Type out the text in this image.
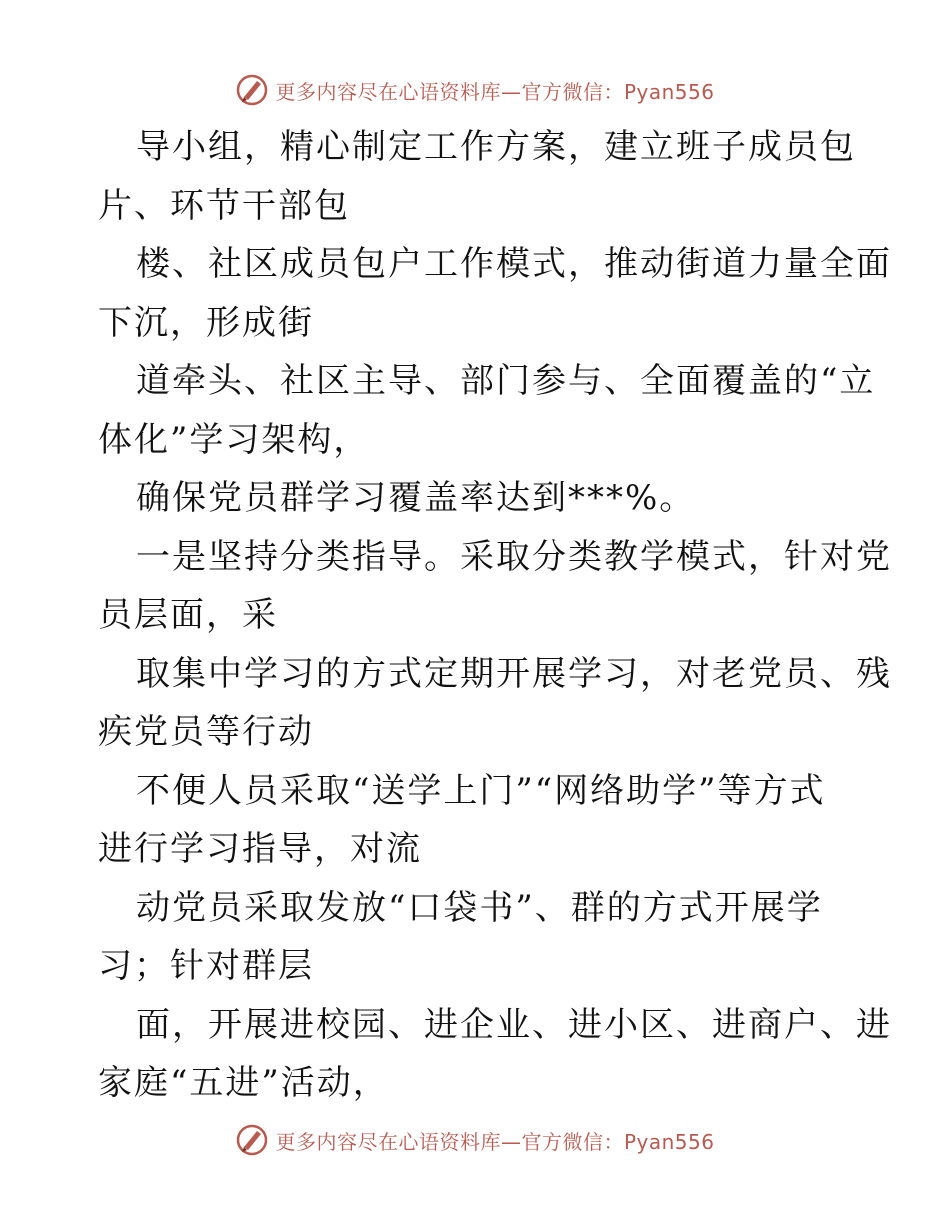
更多内容尽在心语资料库—官方微信：Pyan556
导小组，精心制定工作方案，建立班子成员包
片、环节干部包
楼、社区成员包户工作模式，推动街道力量全面
下沉，形成街
道牵头、社区主导、部门参与、全面覆盖的“立
体化”学习架构，
确保党员群学习覆盖率达到***%。
一是坚持分类指导。采取分类教学模式，针对党
员层面，采
取集中学习的方式定期开展学习，对老党员、残
疾党员等行动
不便人员采取“送学上门”“网络助学”等方式
进行学习指导，对流
动党员采取发放“口袋书”、群的方式开展学
习；针对群层
面，开展进校园、进企业、进小区、进商户、进
家庭“五进”活动，
更多内容尽在心语资料库—官方微信：Pyan556
